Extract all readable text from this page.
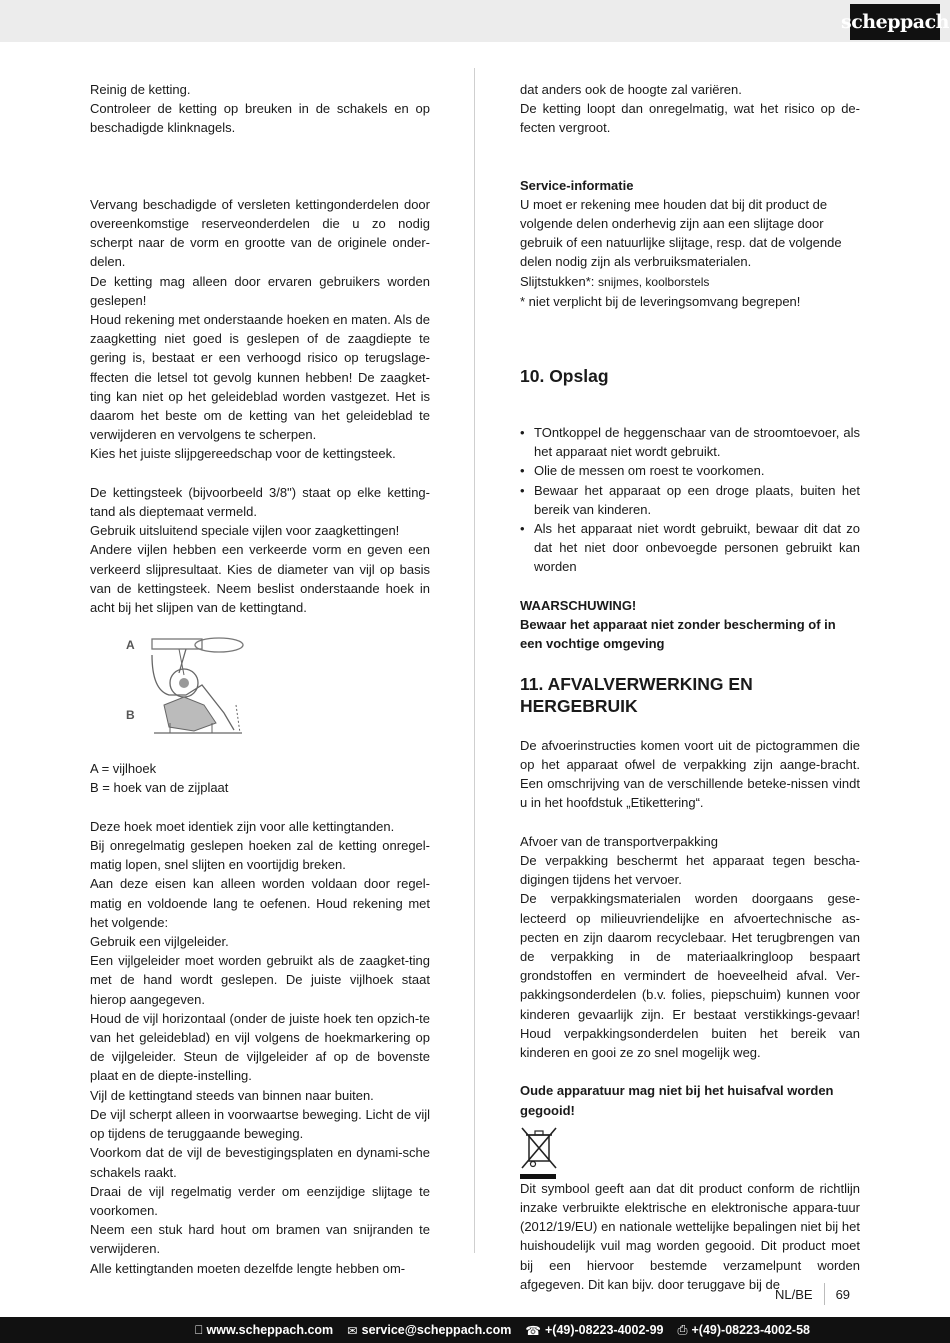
scheppach

Reinig de ketting.

Controleer de ketting op breuken in de schakels en op beschadigde klinknagels.

Vervang beschadigde of versleten kettingonderdelen door overeenkomstige reserveonderdelen die u zo nodig scherpt naar de vorm en grootte van de originele onder-delen.

De ketting mag alleen door ervaren gebruikers worden geslepen!

Houd rekening met onderstaande hoeken en maten. Als de zaagketting niet goed is geslepen of de zaagdiepte te gering is, bestaat er een verhoogd risico op terugslage-ffecten die letsel tot gevolg kunnen hebben! De zaagket-ting kan niet op het geleideblad worden vastgezet. Het is daarom het beste om de ketting van het geleideblad te verwijderen en vervolgens te scherpen.

Kies het juiste slijpgereedschap voor de kettingsteek.

De kettingsteek (bijvoorbeeld 3/8") staat op elke ketting-tand als dieptemaat vermeld.

Gebruik uitsluitend speciale vijlen voor zaagkettingen!

Andere vijlen hebben een verkeerde vorm en geven een verkeerd slijpresultaat. Kies de diameter van vijl op basis van de kettingsteek. Neem beslist onderstaande hoek in acht bij het slijpen van de kettingtand.

A
B

A = vijlhoek

B = hoek van de zijplaat

Deze hoek moet identiek zijn voor alle kettingtanden.

Bij onregelmatig geslepen hoeken zal de ketting onregel-matig lopen, snel slijten en voortijdig breken.

Aan deze eisen kan alleen worden voldaan door regel-matig en voldoende lang te oefenen. Houd rekening met het volgende:

Gebruik een vijlgeleider.

Een vijlgeleider moet worden gebruikt als de zaagket-ting met de hand wordt geslepen. De juiste vijlhoek staat hierop aangegeven.

Houd de vijl horizontaal (onder de juiste hoek ten opzich-te van het geleideblad) en vijl volgens de hoekmarkering op de vijlgeleider. Steun de vijlgeleider af op de bovenste plaat en de diepte-instelling.

Vijl de kettingtand steeds van binnen naar buiten.

De vijl scherpt alleen in voorwaartse beweging. Licht de vijl op tijdens de teruggaande beweging.

Voorkom dat de vijl de bevestigingsplaten en dynami-sche schakels raakt.

Draai de vijl regelmatig verder om eenzijdige slijtage te voorkomen.

Neem een stuk hard hout om bramen van snijranden te verwijderen.

Alle kettingtanden moeten dezelfde lengte hebben om-

dat anders ook de hoogte zal variëren.

De ketting loopt dan onregelmatig, wat het risico op de-fecten vergroot.

Service-informatie

U moet er rekening mee houden dat bij dit product de volgende delen onderhevig zijn aan een slijtage door gebruik of een natuurlijke slijtage, resp. dat de volgende delen nodig zijn als verbruiksmaterialen.

Slijtstukken*: snijmes, koolborstels

* niet verplicht bij de leveringsomvang begrepen!

10. Opslag
• TOntkoppel de heggenschaar van de stroomtoevoer, als het apparaat niet wordt gebruikt.
• Olie de messen om roest te voorkomen.
• Bewaar het apparaat op een droge plaats, buiten het bereik van kinderen.
• Als het apparaat niet wordt gebruikt, bewaar dit dat zo dat het niet door onbevoegde personen gebruikt kan worden

WAARSCHUWING!

Bewaar het apparaat niet zonder bescherming of in een vochtige omgeving

11. AFVALVERWERKING EN HERGEBRUIK

De afvoerinstructies komen voort uit de pictogrammen die op het apparaat ofwel de verpakking zijn aange-bracht. Een omschrijving van de verschillende beteke-nissen vindt u in het hoofdstuk „Etikettering“.

Afvoer van de transportverpakking

De verpakking beschermt het apparaat tegen bescha-digingen tijdens het vervoer.

De verpakkingsmaterialen worden doorgaans gese-lecteerd op milieuvriendelijke en afvoertechnische as-pecten en zijn daarom recyclebaar. Het terugbrengen van de verpakking in de materiaalkringloop bespaart grondstoffen en vermindert de hoeveelheid afval. Ver-pakkingsonderdelen (b.v. folies, piepschuim) kunnen voor kinderen gevaarlijk zijn. Er bestaat verstikkings-gevaar! Houd verpakkingsonderdelen buiten het bereik van kinderen en gooi ze zo snel mogelijk weg.

Oude apparatuur mag niet bij het huisafval worden gegooid!

Dit symbool geeft aan dat dit product conform de richtlijn inzake verbruikte elektrische en elektronische appara-tuur (2012/19/EU) en nationale wettelijke bepalingen niet bij het huishoudelijk vuil mag worden gegooid. Dit product moet bij een hiervoor bestemde verzamelpunt worden afgegeven. Dit kan bijv. door teruggave bij de

NL/BE 69
⎕ www.scheppach.com ✉ service@scheppach.com ☎ +(49)-08223-4002-99 ⎙ +(49)-08223-4002-58
